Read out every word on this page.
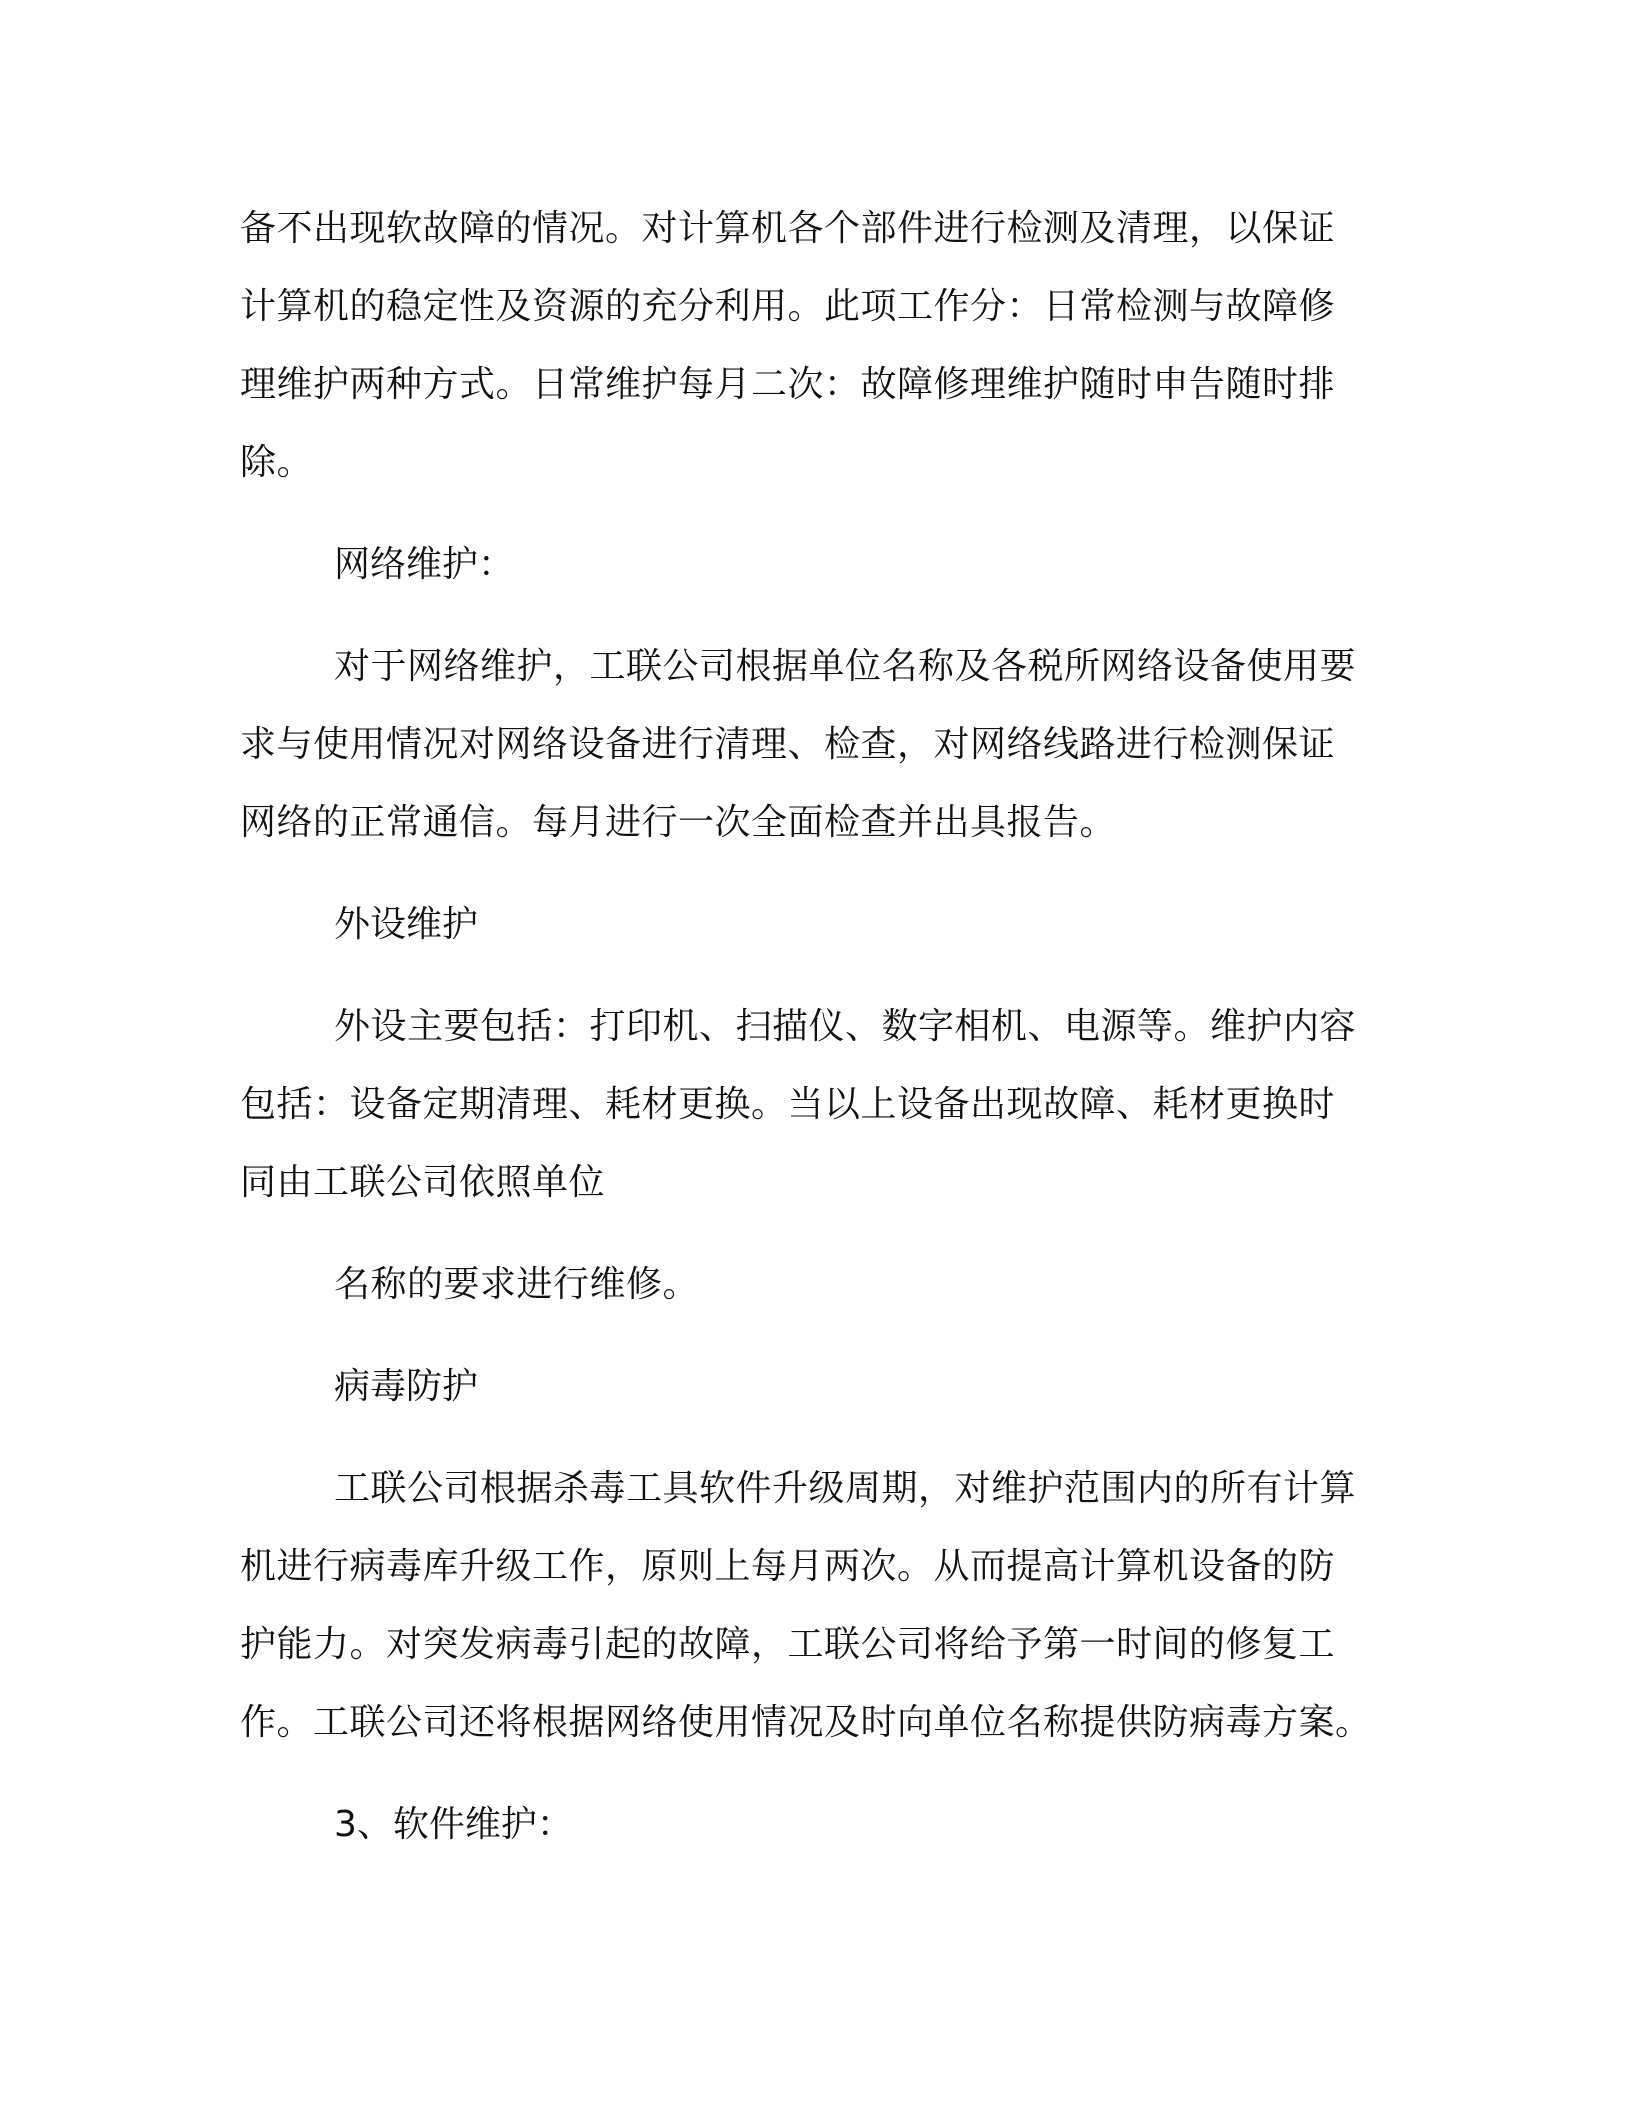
备不出现软故障的情况。对计算机各个部件进行检测及清理，以保证
计算机的稳定性及资源的充分利用。此项工作分：日常检测与故障修
理维护两种方式。日常维护每月二次：故障修理维护随时申告随时排
除。
网络维护：
对于网络维护，工联公司根据单位名称及各税所网络设备使用要
求与使用情况对网络设备进行清理、检查，对网络线路进行检测保证
网络的正常通信。每月进行一次全面检查并出具报告。
外设维护
外设主要包括：打印机、扫描仪、数字相机、电源等。维护内容
包括：设备定期清理、耗材更换。当以上设备出现故障、耗材更换时
同由工联公司依照单位
名称的要求进行维修。
病毒防护
工联公司根据杀毒工具软件升级周期，对维护范围内的所有计算
机进行病毒库升级工作，原则上每月两次。从而提高计算机设备的防
护能力。对突发病毒引起的故障，工联公司将给予第一时间的修复工
作。工联公司还将根据网络使用情况及时向单位名称提供防病毒方案。
3、软件维护：
